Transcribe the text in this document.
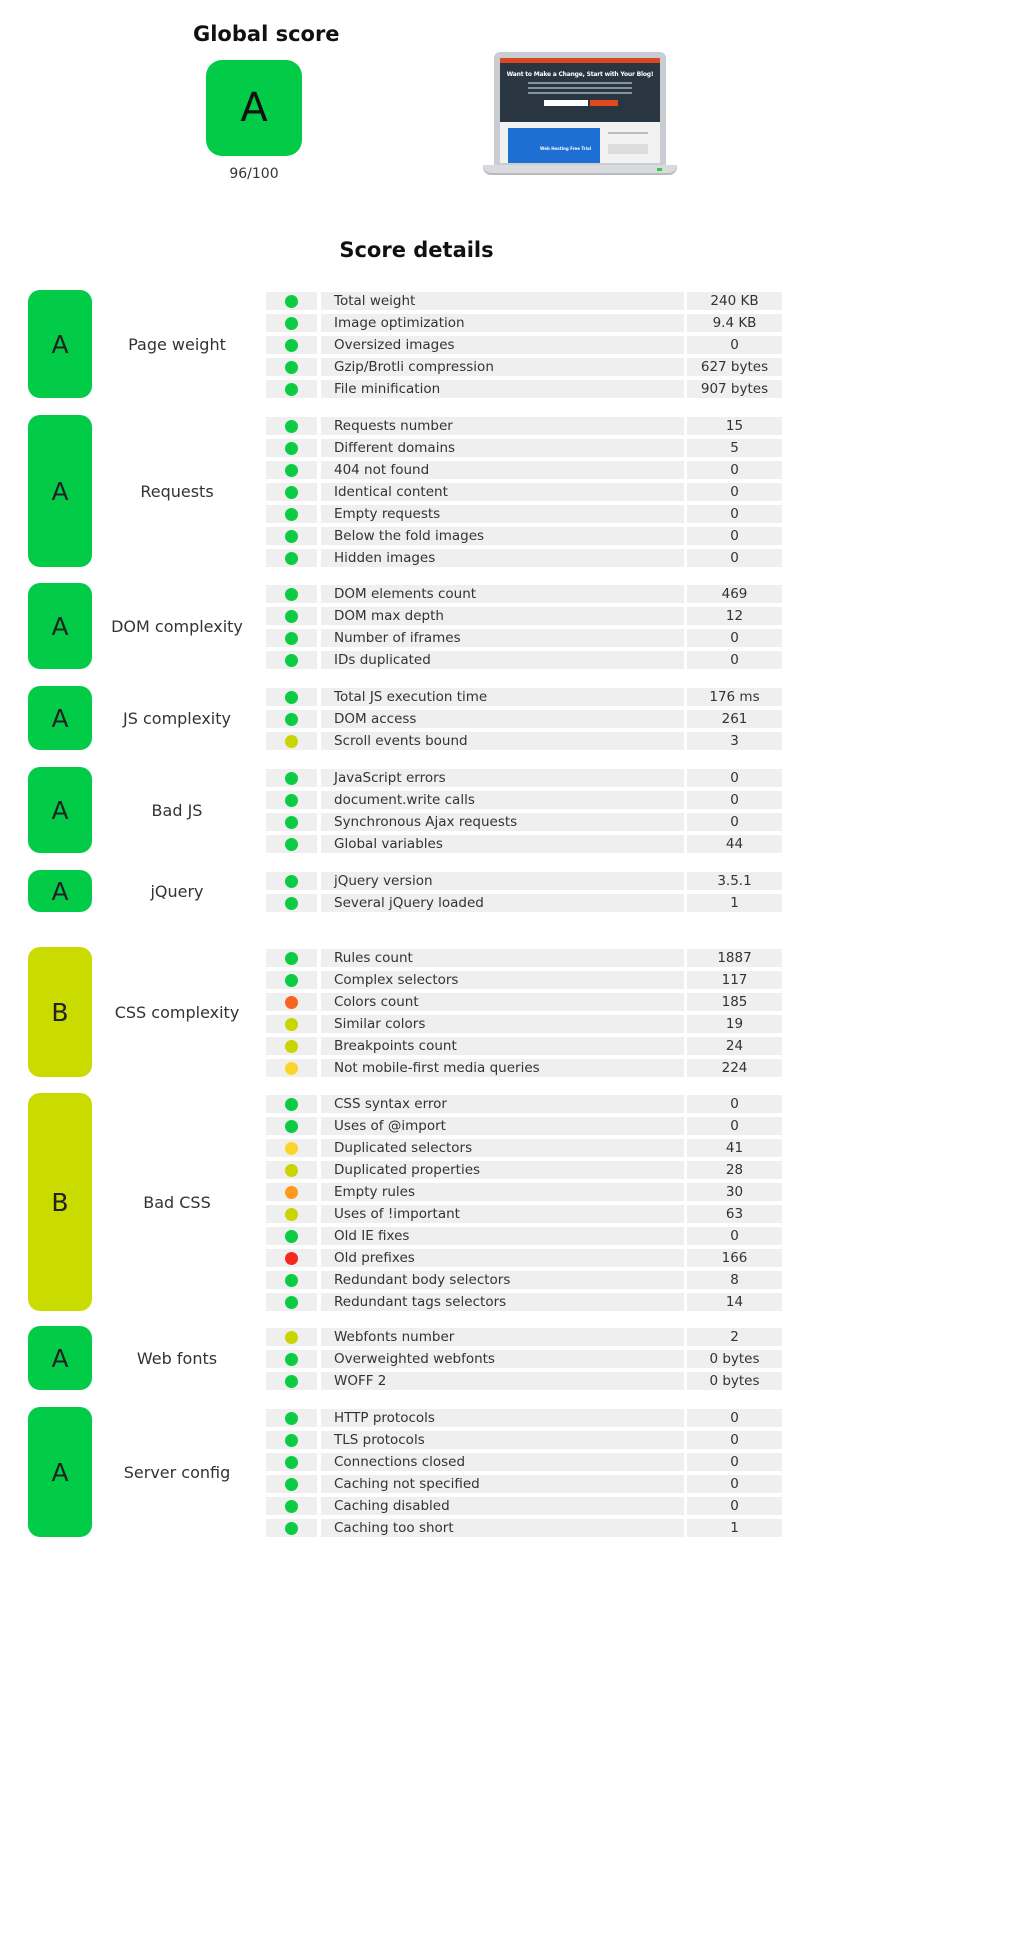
Global score
A
96/100
Want to Make a Change, Start with Your Blog!
Web Hosting Free Trial
Score details
A	Page weight
Total weight	240 KB
Image optimization	9.4 KB
Oversized images	0
Gzip/Brotli compression	627 bytes
File minification	907 bytes
A	Requests
Requests number	15
Different domains	5
404 not found	0
Identical content	0
Empty requests	0
Below the fold images	0
Hidden images	0
A	DOM complexity
DOM elements count	469
DOM max depth	12
Number of iframes	0
IDs duplicated	0
A	JS complexity
Total JS execution time	176 ms
DOM access	261
Scroll events bound	3
A	Bad JS
JavaScript errors	0
document.write calls	0
Synchronous Ajax requests	0
Global variables	44
A	jQuery
jQuery version	3.5.1
Several jQuery loaded	1
B	CSS complexity
Rules count	1887
Complex selectors	117
Colors count	185
Similar colors	19
Breakpoints count	24
Not mobile-first media queries	224
B	Bad CSS
CSS syntax error	0
Uses of @import	0
Duplicated selectors	41
Duplicated properties	28
Empty rules	30
Uses of !important	63
Old IE fixes	0
Old prefixes	166
Redundant body selectors	8
Redundant tags selectors	14
A	Web fonts
Webfonts number	2
Overweighted webfonts	0 bytes
WOFF 2	0 bytes
A	Server config
HTTP protocols	0
TLS protocols	0
Connections closed	0
Caching not specified	0
Caching disabled	0
Caching too short	1
